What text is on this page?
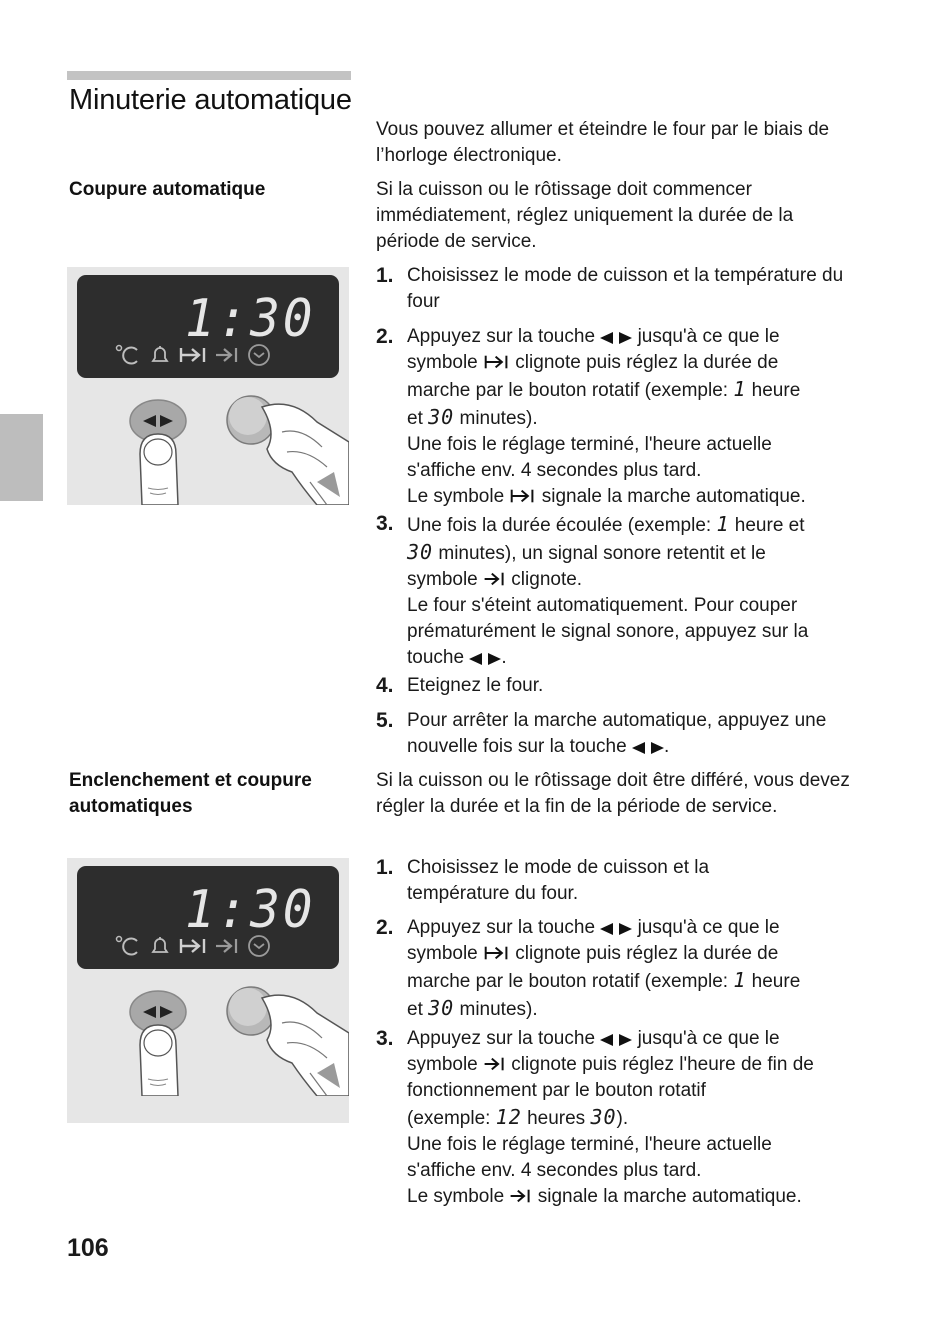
Minuterie automatique
Vous pouvez allumer et éteindre le four par le biais de l’horloge électronique.
Coupure automatique	Si la cuisson ou le rôtissage doit commencer immédiatement, réglez uniquement la durée de la période de service.
1:30
1. Choisissez le mode de cuisson et la température du four
2. Appuyez sur la touche
jusqu'à ce que le
symbole
clignote puis réglez la durée de
marche par le bouton rotatif (exemple: 1 heure
et 30 minutes).
Une fois le réglage terminé, l'heure actuelle
s'affiche env. 4 secondes plus tard.
Le symbole
signale la marche automatique.
3. Une fois la durée écoulée (exemple: 1 heure et
30 minutes), un signal sonore retentit et le
symbole
clignote.
Le four s'éteint automatiquement. Pour couper
prématurément le signal sonore, appuyez sur la
touche
.
4. Eteignez le four.
5. Pour arrêter la marche automatique, appuyez une
nouvelle fois sur la touche
.
Enclenchement et coupure automatiques
Si la cuisson ou le rôtissage doit être différé, vous devez régler la durée et la fin de la période de service.
1:30
1. Choisissez le mode de cuisson et la
température du four.
2. Appuyez sur la touche
jusqu'à ce que le
symbole
clignote puis réglez la durée de
marche par le bouton rotatif (exemple: 1 heure
et 30 minutes).
3. Appuyez sur la touche
jusqu'à ce que le
symbole
clignote puis réglez l'heure de fin de
fonctionnement par le bouton rotatif
(exemple: 12 heures 30).
Une fois le réglage terminé, l'heure actuelle
s'affiche env. 4 secondes plus tard.
Le symbole
signale la marche automatique.
106
